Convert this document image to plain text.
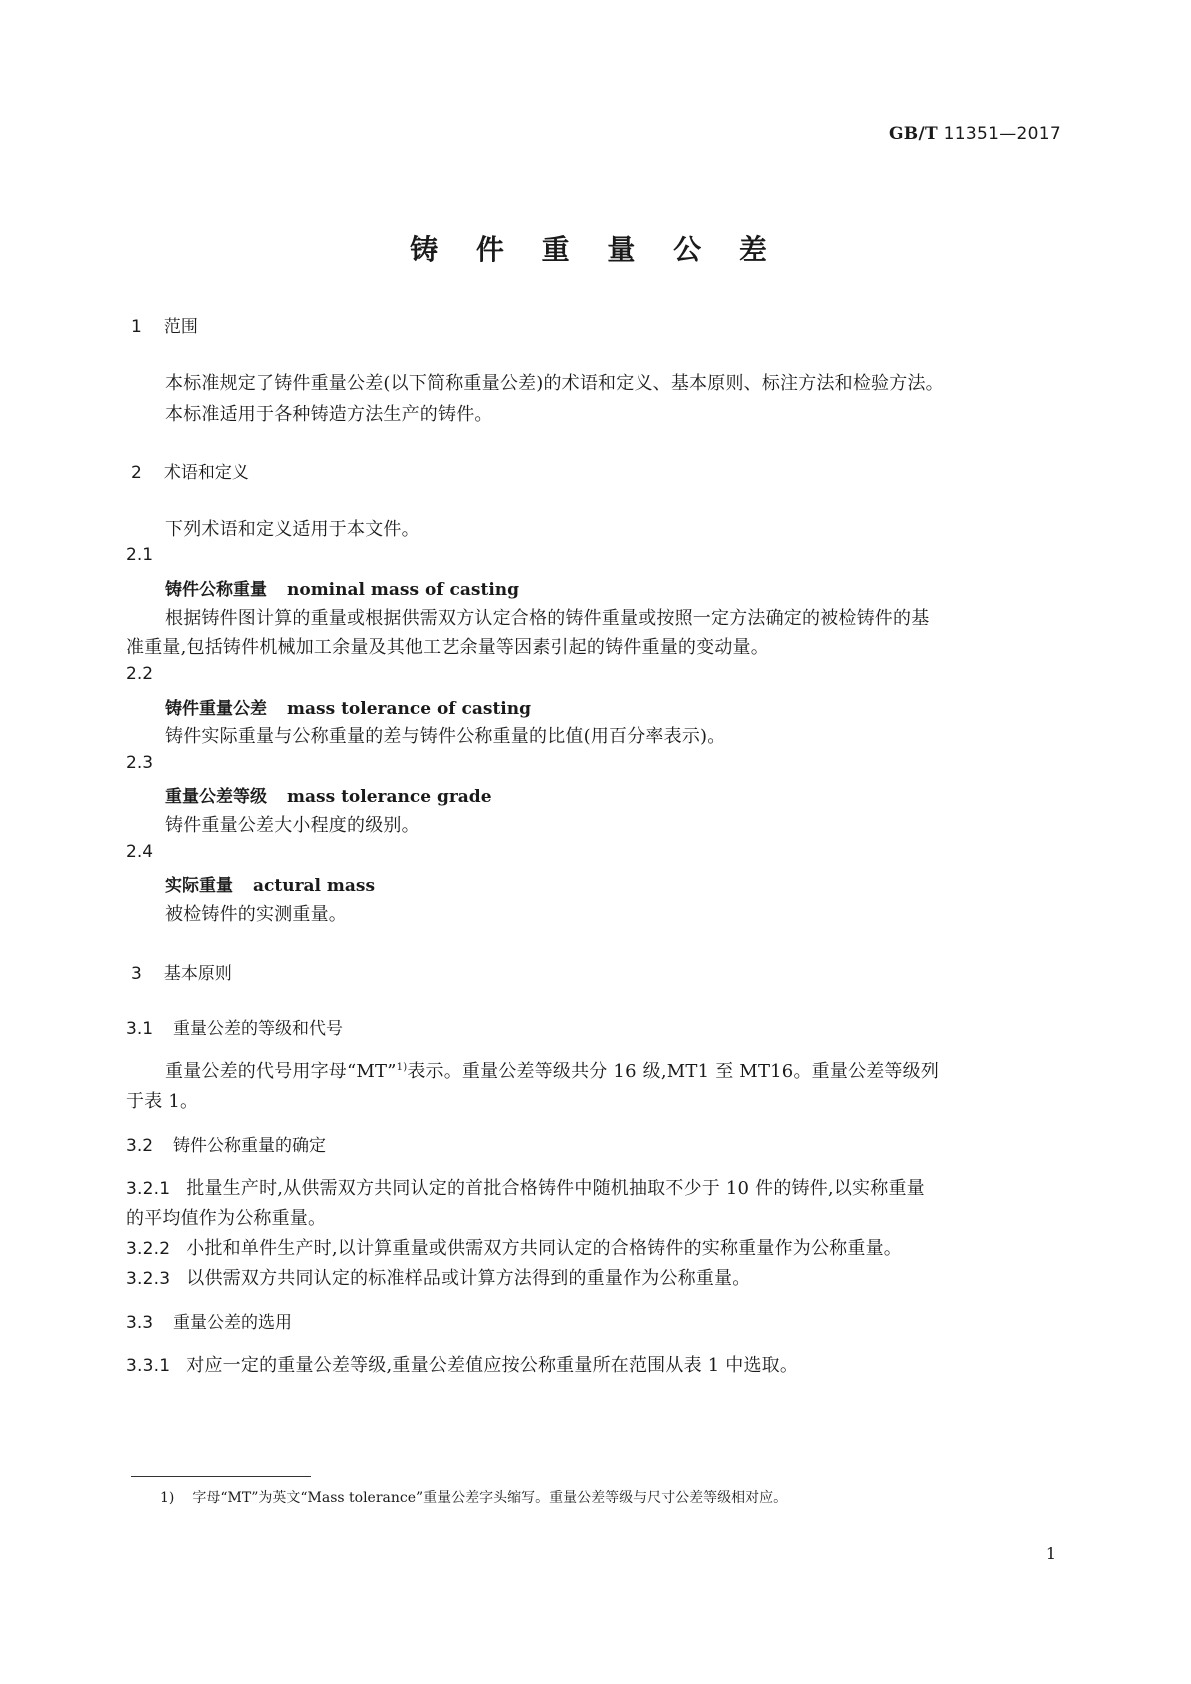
GB/T 11351—2017
铸 件 重 量 公 差
1 范围
本标准规定了铸件重量公差(以下简称重量公差)的术语和定义、基本原则、标注方法和检验方法。
本标准适用于各种铸造方法生产的铸件。
2 术语和定义
下列术语和定义适用于本文件。
2.1
铸件公称重量 nominal mass of casting
根据铸件图计算的重量或根据供需双方认定合格的铸件重量或按照一定方法确定的被检铸件的基
准重量,包括铸件机械加工余量及其他工艺余量等因素引起的铸件重量的变动量。
2.2
铸件重量公差 mass tolerance of casting
铸件实际重量与公称重量的差与铸件公称重量的比值(用百分率表示)。
2.3
重量公差等级 mass tolerance grade
铸件重量公差大小程度的级别。
2.4
实际重量 actural mass
被检铸件的实测重量。
3 基本原则
3.1 重量公差的等级和代号
重量公差的代号用字母“MT”$^{1)}$表示。重量公差等级共分 16 级,MT1 至 MT16。重量公差等级列
于表 1。
3.2 铸件公称重量的确定
3.2.1 批量生产时,从供需双方共同认定的首批合格铸件中随机抽取不少于 10 件的铸件,以实称重量
的平均值作为公称重量。
3.2.2 小批和单件生产时,以计算重量或供需双方共同认定的合格铸件的实称重量作为公称重量。
3.2.3 以供需双方共同认定的标准样品或计算方法得到的重量作为公称重量。
3.3 重量公差的选用
3.3.1 对应一定的重量公差等级,重量公差值应按公称重量所在范围从表 1 中选取。
1) 字母“MT”为英文“Mass tolerance”重量公差字头缩写。重量公差等级与尺寸公差等级相对应。
1
